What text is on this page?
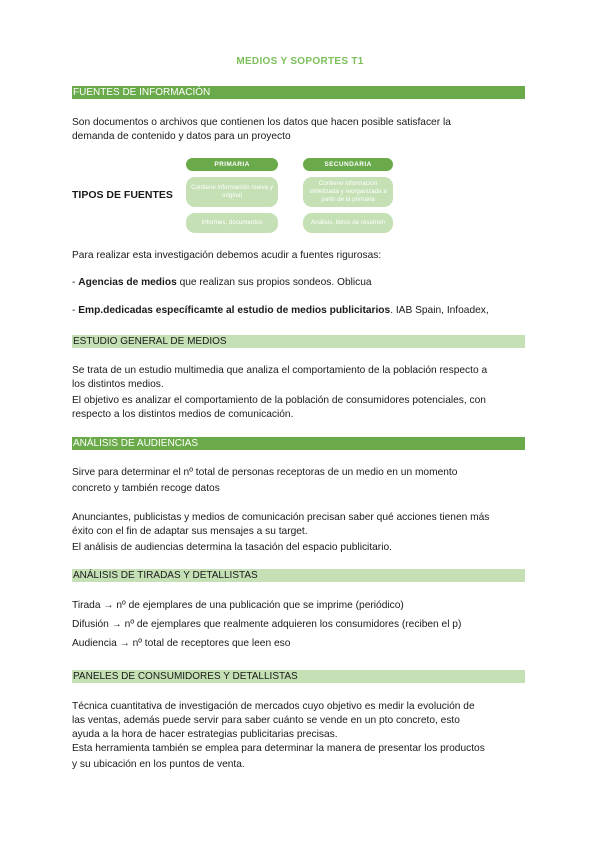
MEDIOS Y SOPORTES T1
FUENTES DE INFORMACIÓN
Son documentos o archivos que contienen los datos que hacen posible satisfacer la
demanda de contenido y datos para un proyecto
TIPOS DE FUENTES
PRIMARIA
Contiene información nueva y original
Informes, documentos
SECUNDARIA
Contiene información sintetizada y reorganizada a partir de la primaria
Análisis, libros de resumen
Para realizar esta investigación debemos acudir a fuentes rigurosas:
- Agencias de medios que realizan sus propios sondeos. Oblicua
- Emp.dedicadas específicamte al estudio de medios publicitarios. IAB Spain, Infoadex,
ESTUDIO GENERAL DE MEDIOS
Se trata de un estudio multimedia que analiza el comportamiento de la población respecto a
los distintos medios.
El objetivo es analizar el comportamiento de la población de consumidores potenciales, con
respecto a los distintos medios de comunicación.
ANÁLISIS DE AUDIENCIAS
Sirve para determinar el nº total de personas receptoras de un medio en un momento
concreto y también recoge datos
Anunciantes, publicistas y medios de comunicación precisan saber qué acciones tienen más
éxito con el fin de adaptar sus mensajes a su target.
El análisis de audiencias determina la tasación del espacio publicitario.
ANÁLISIS DE TIRADAS Y DETALLISTAS
Tirada → nº de ejemplares de una publicación que se imprime (periódico)
Difusión → nº de ejemplares que realmente adquieren los consumidores (reciben el p)
Audiencia → nº total de receptores que leen eso
PANELES DE CONSUMIDORES Y DETALLISTAS
Técnica cuantitativa de investigación de mercados cuyo objetivo es medir la evolución de
las ventas, además puede servir para saber cuánto se vende en un pto concreto, esto
ayuda a la hora de hacer estrategias publicitarias precisas.
Esta herramienta también se emplea para determinar la manera de presentar los productos
y su ubicación en los puntos de venta.
